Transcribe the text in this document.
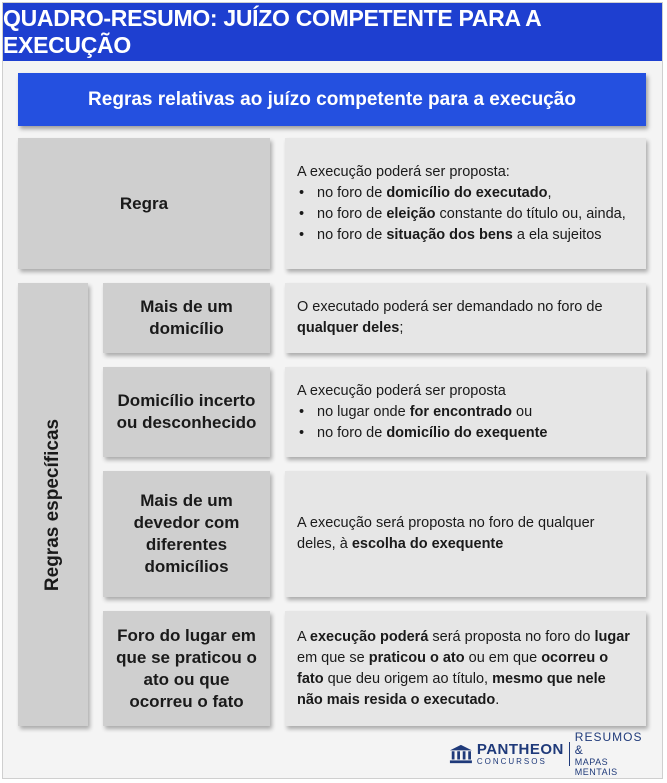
QUADRO-RESUMO: JUÍZO COMPETENTE PARA A EXECUÇÃO
Regras relativas ao juízo competente para a execução
Regra
A execução poderá ser proposta:
• no foro de domicílio do executado,
• no foro de eleição constante do título ou, ainda,
• no foro de situação dos bens a ela sujeitos
Regras específicas
Mais de um domicílio
O executado poderá ser demandado no foro de qualquer deles;
Domicílio incerto ou desconhecido
A execução poderá ser proposta
• no lugar onde for encontrado ou
• no foro de domicílio do exequente
Mais de um devedor com diferentes domicílios
A execução será proposta no foro de qualquer deles, à escolha do exequente
Foro do lugar em que se praticou o ato ou que ocorreu o fato
A execução poderá será proposta no foro do lugar em que se praticou o ato ou em que ocorreu o fato que deu origem ao título, mesmo que nele não mais resida o executado.
PANTHEON
CONCURSOS
RESUMOS &
MAPAS MENTAIS
